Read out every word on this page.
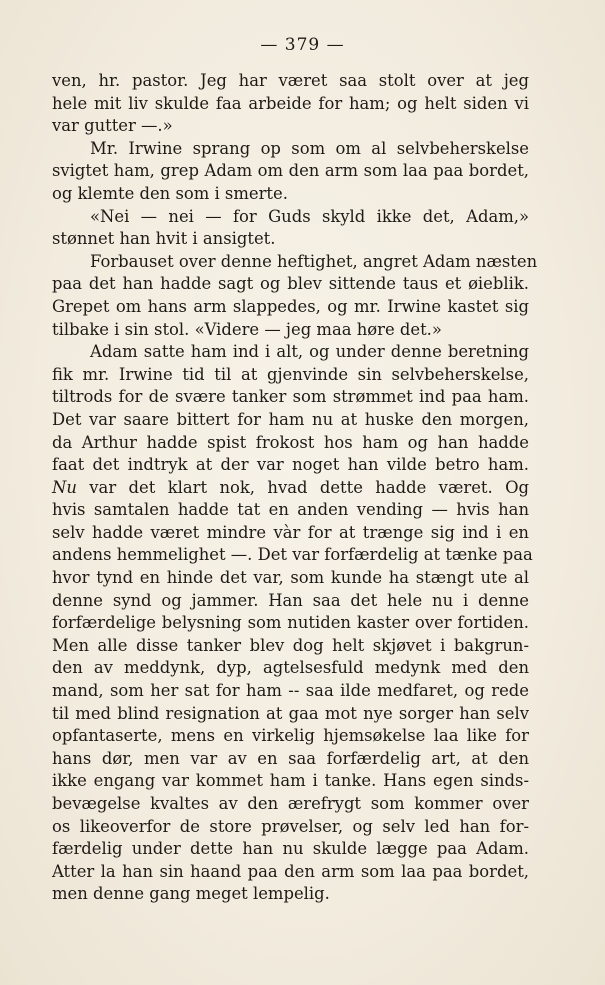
— 379 —
ven, hr. pastor. Jeg har været saa stolt over at jeg
hele mit liv skulde faa arbeide for ham; og helt siden vi
var gutter —.»
Mr. Irwine sprang op som om al selvbeherskelse
svigtet ham, grep Adam om den arm som laa paa bordet,
og klemte den som i smerte.
«Nei — nei — for Guds skyld ikke det, Adam,»
stønnet han hvit i ansigtet.
Forbauset over denne heftighet, angret Adam næsten
paa det han hadde sagt og blev sittende taus et øieblik.
Grepet om hans arm slappedes, og mr. Irwine kastet sig
tilbake i sin stol. «Videre — jeg maa høre det.»
Adam satte ham ind i alt, og under denne beretning
fik mr. Irwine tid til at gjenvinde sin selvbeherskelse,
tiltrods for de svære tanker som strømmet ind paa ham.
Det var saare bittert for ham nu at huske den morgen,
da Arthur hadde spist frokost hos ham og han hadde
faat det indtryk at der var noget han vilde betro ham.
Nu var det klart nok, hvad dette hadde været. Og
hvis samtalen hadde tat en anden vending — hvis han
selv hadde været mindre vàr for at trænge sig ind i en
andens hemmelighet —. Det var forfærdelig at tænke paa
hvor tynd en hinde det var, som kunde ha stængt ute al
denne synd og jammer. Han saa det hele nu i denne
forfærdelige belysning som nutiden kaster over fortiden.
Men alle disse tanker blev dog helt skjøvet i bakgrun-
den av meddynk, dyp, agtelsesfuld medynk med den
mand, som her sat for ham -- saa ilde medfaret, og rede
til med blind resignation at gaa mot nye sorger han selv
opfantaserte, mens en virkelig hjemsøkelse laa like for
hans dør, men var av en saa forfærdelig art, at den
ikke engang var kommet ham i tanke. Hans egen sinds-
bevægelse kvaltes av den ærefrygt som kommer over
os likeoverfor de store prøvelser, og selv led han for-
færdelig under dette han nu skulde lægge paa Adam.
Atter la han sin haand paa den arm som laa paa bordet,
men denne gang meget lempelig.
